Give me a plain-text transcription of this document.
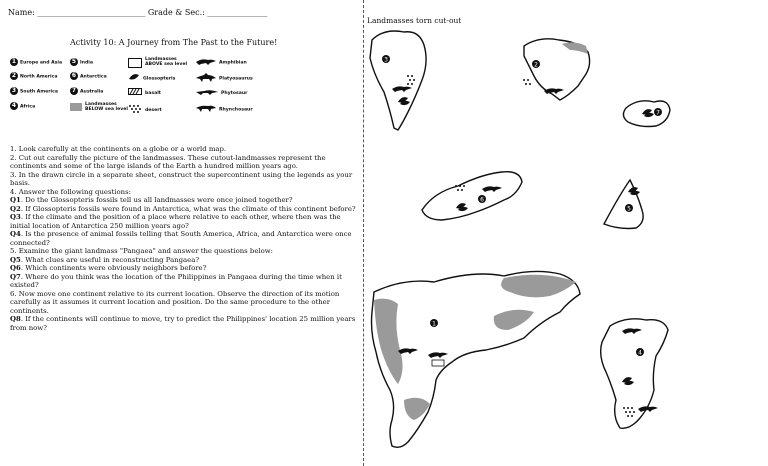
Name: ___________________________ Grade & Sec.: _______________
Activity 10: A Journey from The Past to the Future!
1 Europe and Asia
2 North America
3 South America
4 Africa
5 India
6 Antarctica
7 Australia
Landmasses ABOVE sea level
Glossopteris
basalt
Landmasses BELOW sea level	desert
Amphibian
Platyosaurus
Phytosaur
Rhynchosaur

1. Look carefully at the continents on a globe or a world map.

2. Cut out carefully the picture of the landmasses. These cutout-landmasses represent the continents and some of the large islands of the Earth a hundred million years ago.

3. In the drawn circle in a separate sheet, construct the supercontinent using the legends as your basis.

4. Answer the following questions:

Q1. Do the Glossopteris fossils tell us all landmasses were once joined together?

Q2. If Glossopteris fossils were found in Antarctica, what was the climate of this continent before?

Q3. If the climate and the position of a place where relative to each other, where then was the initial location of Antarctica 250 million years ago?

Q4. Is the presence of animal fossils telling that South America, Africa, and Antarctica were once connected?

5. Examine the giant landmass "Pangaea" and answer the questions below:

Q5. What clues are useful in reconstructing Pangaea?

Q6. Which continents were obviously neighbors before?

Q7. Where do you think was the location of the Philippines in Pangaea during the time when it existed?

6. Now move one continent relative to its current location. Observe the direction of its motion carefully as it assumes it current location and position. Do the same procedure to the other continents.

Q8. If the continents will continue to move, try to predict the Philippines' location 25 million years from now?

Landmasses torn cut-out
3
2
7
6
5
1
4
